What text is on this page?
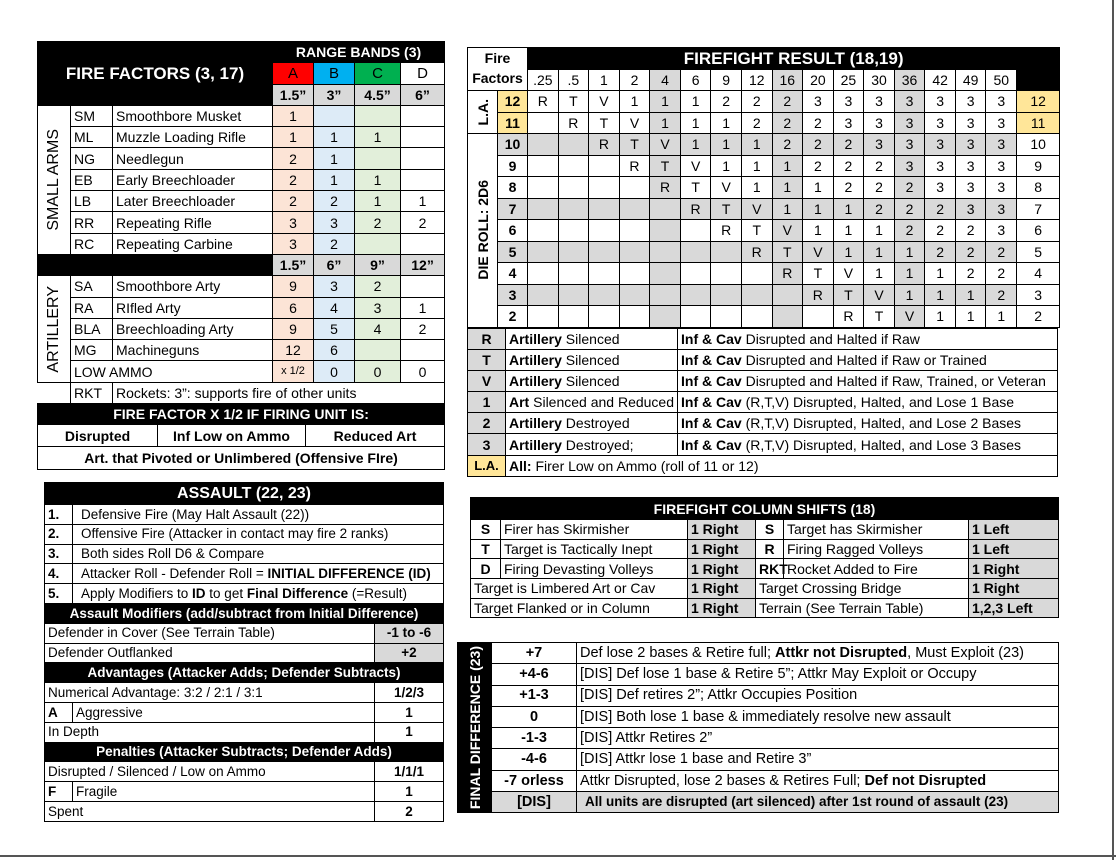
FIRE FACTORS (3, 17)			RANGE BANDS (3)			
			A	B	C	D
			1.5”	3”	4.5”	6”

SMALL ARMS	SM	Smoothbore Musket	1			
	ML	Muzzle Loading Rifle	1	1	1	
	NG	Needlegun	2	1		
	EB	Early Breechloader	2	1	1	
	LB	Later Breechloader	2	2	1	1
	RR	Repeating Rifle	3	3	2	2
	RC	Repeating Carbine	3	2		
			1.5”	6”	9”	12”

ARTILLERY	SA	Smoothbore Arty	9	3	2	
	RA	RIfled Arty	6	4	3	1
	BLA	Breechloading Arty	9	5	4	2
	MG	Machineguns	12	6		
	LOW AMMO		x 1/2	0	0	0
	RKT	Rockets: 3”: supports fire of other units				
FIRE FACTOR X 1/2 IF FIRING UNIT IS:						

Disrupted Inf Low on Ammo Reduced Art						

Art. that Pivoted or Unlimbered (Offensive FIre)						
Fire
Factors		FIREFIGHT RESULT (18,19)																
		.25	.5	1	2	4	6	9	12	16	20	25	30	36	42	49	50	

L.A.	12	R	T	V	1	1	1	2	2	2	3	3	3	3	3	3	3	12
	11		R	T	V	1	1	1	2	2	2	3	3	3	3	3	3	11

DIE ROLL: 2D6	10			R	T	V	1	1	1	2	2	2	3	3	3	3	3	10
	9				R	T	V	1	1	1	2	2	2	3	3	3	3	9
	8					R	T	V	1	1	1	2	2	2	3	3	3	8
	7						R	T	V	1	1	1	2	2	2	3	3	7
	6							R	T	V	1	1	1	2	2	2	3	6
	5								R	T	V	1	1	1	2	2	2	5
	4									R	T	V	1	1	1	2	2	4
	3										R	T	V	1	1	1	2	3
	2											R	T	V	1	1	1	2
R	Artillery Silenced	Inf & Cav Disrupted and Halted if Raw
T	Artillery Silenced	Inf & Cav Disrupted and Halted if Raw or Trained
V	Artillery Silenced	Inf & Cav Disrupted and Halted if Raw, Trained, or Veteran
1	Art Silenced and Reduced	Inf & Cav (R,T,V) Disrupted, Halted, and Lose 1 Base
2	Artillery Destroyed	Inf & Cav (R,T,V) Disrupted, Halted, and Lose 2 Bases
3	Artillery Destroyed;	Inf & Cav (R,T,V) Disrupted, Halted, and Lose 3 Bases
L.A.	All: Firer Low on Ammo (roll of 11 or 12)	
ASSAULT (22, 23)		
1.	Defensive Fire (May Halt Assault (22))	
2.	Offensive Fire (Attacker in contact may fire 2 ranks)	
3.	Both sides Roll D6 & Compare	
4.	Attacker Roll - Defender Roll = INITIAL DIFFERENCE (ID)	
5.	Apply Modifiers to ID to get Final Difference (=Result)	
Assault Modifiers (add/subtract from Initial Difference)		
Defender in Cover (See Terrain Table)		-1 to -6
Defender Outflanked		+2
Advantages (Attacker Adds; Defender Subtracts)		
Numerical Advantage: 3:2 / 2:1 / 3:1		1/2/3
A	Aggressive	1
In Depth		1
Penalties (Attacker Subtracts; Defender Adds)		
Disrupted / Silenced / Low on Ammo		1/1/1
F	Fragile	1
Spent		2
FIREFIGHT COLUMN SHIFTS (18)					
S	Firer has Skirmisher	1 Right	S	Target has Skirmisher	1 Left
T	Target is Tactically Inept	1 Right	R	Firing Ragged Volleys	1 Left
D	Firing Devasting Volleys	1 Right	RKT	Rocket Added to Fire	1 Right
Target is Limbered Art or Cav		1 Right	Target Crossing Bridge		1 Right
Target Flanked or in Column		1 Right	Terrain (See Terrain Table)		1,2,3 Left
FINAL DIFFERENCE (23)	+7	Def lose 2 bases & Retire full; Attkr not Disrupted, Must Exploit (23)
	+4-6	[DIS] Def lose 1 base & Retire 5”; Attkr May Exploit or Occupy
	+1-3	[DIS] Def retires 2”; Attkr Occupies Position
	0	[DIS] Both lose 1 base & immediately resolve new assault
	-1-3	[DIS] Attkr Retires 2”
	-4-6	[DIS] Attkr lose 1 base and Retire 3”
	-7 orless	Attkr Disrupted, lose 2 bases & Retires Full; Def not Disrupted
	[DIS]	All units are disrupted (art silenced) after 1st round of assault (23)
